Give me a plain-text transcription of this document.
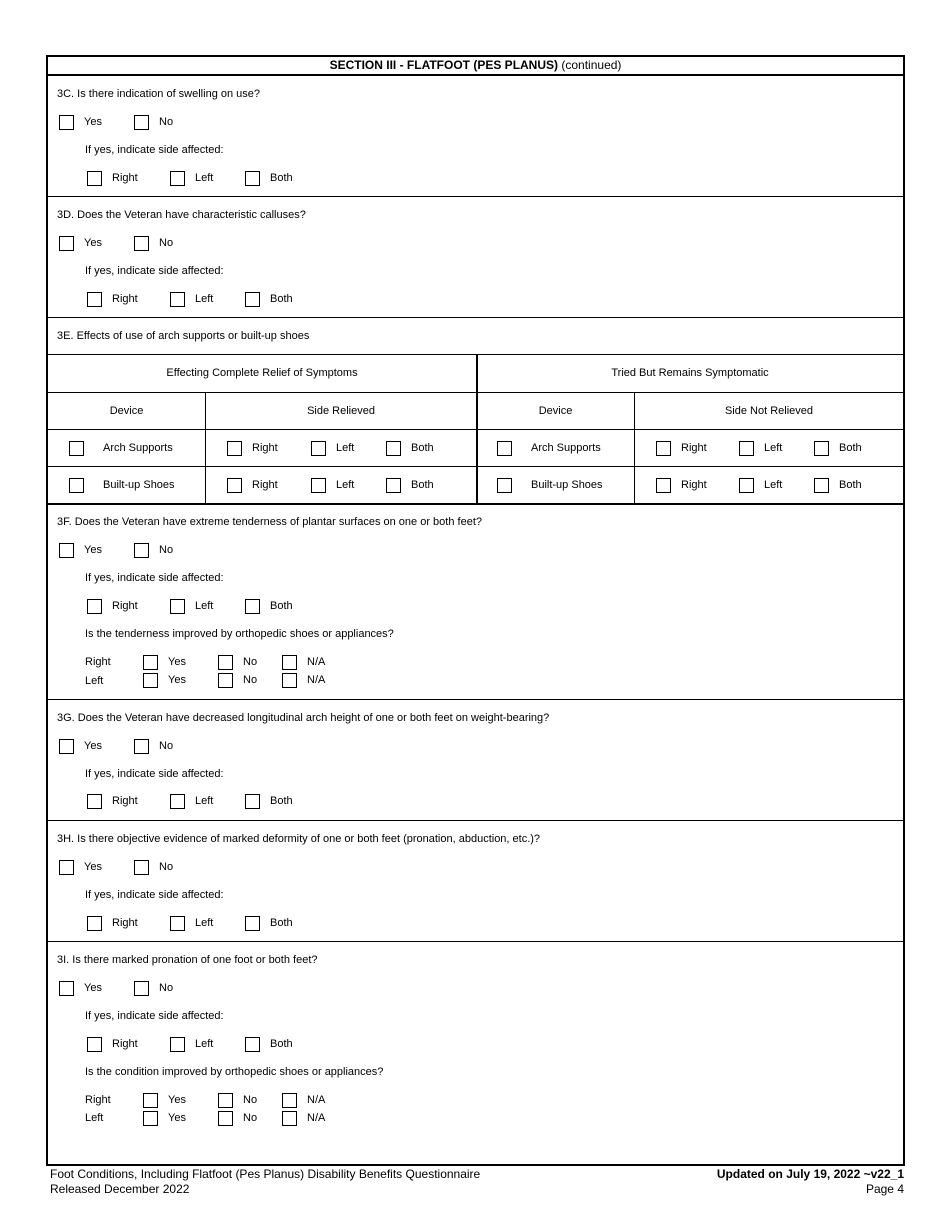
SECTION III - FLATFOOT (PES PLANUS) (continued)
3C. Is there indication of swelling on use?
Yes	No
If yes, indicate side affected:
Right	Left	Both
3D. Does the Veteran have characteristic calluses?
Yes	No
If yes, indicate side affected:
Right	Left	Both
3E. Effects of use of arch supports or built-up shoes
Effecting Complete Relief of Symptoms	Tried But Remains Symptomatic
Device	Side Relieved	Device	Side Not Relieved
Arch Supports	Right	Left	Both	Arch Supports	Right	Left	Both
Built-up Shoes	Right	Left	Both	Built-up Shoes	Right	Left	Both
3F. Does the Veteran have extreme tenderness of plantar surfaces on one or both feet?
Yes	No
If yes, indicate side affected:
Right	Left	Both
Is the tenderness improved by orthopedic shoes or appliances?
Right	Yes	No	N/A
Left	Yes	No	N/A
3G. Does the Veteran have decreased longitudinal arch height of one or both feet on weight-bearing?
Yes	No
If yes, indicate side affected:
Right	Left	Both
3H. Is there objective evidence of marked deformity of one or both feet (pronation, abduction, etc.)?
Yes	No
If yes, indicate side affected:
Right	Left	Both
3I. Is there marked pronation of one foot or both feet?
Yes	No
If yes, indicate side affected:
Right	Left	Both
Is the condition improved by orthopedic shoes or appliances?
Right	Yes	No	N/A
Left	Yes	No	N/A
Foot Conditions, Including Flatfoot (Pes Planus) Disability Benefits Questionnaire
Released December 2022
Updated on July 19, 2022 ~v22_1
Page 4
